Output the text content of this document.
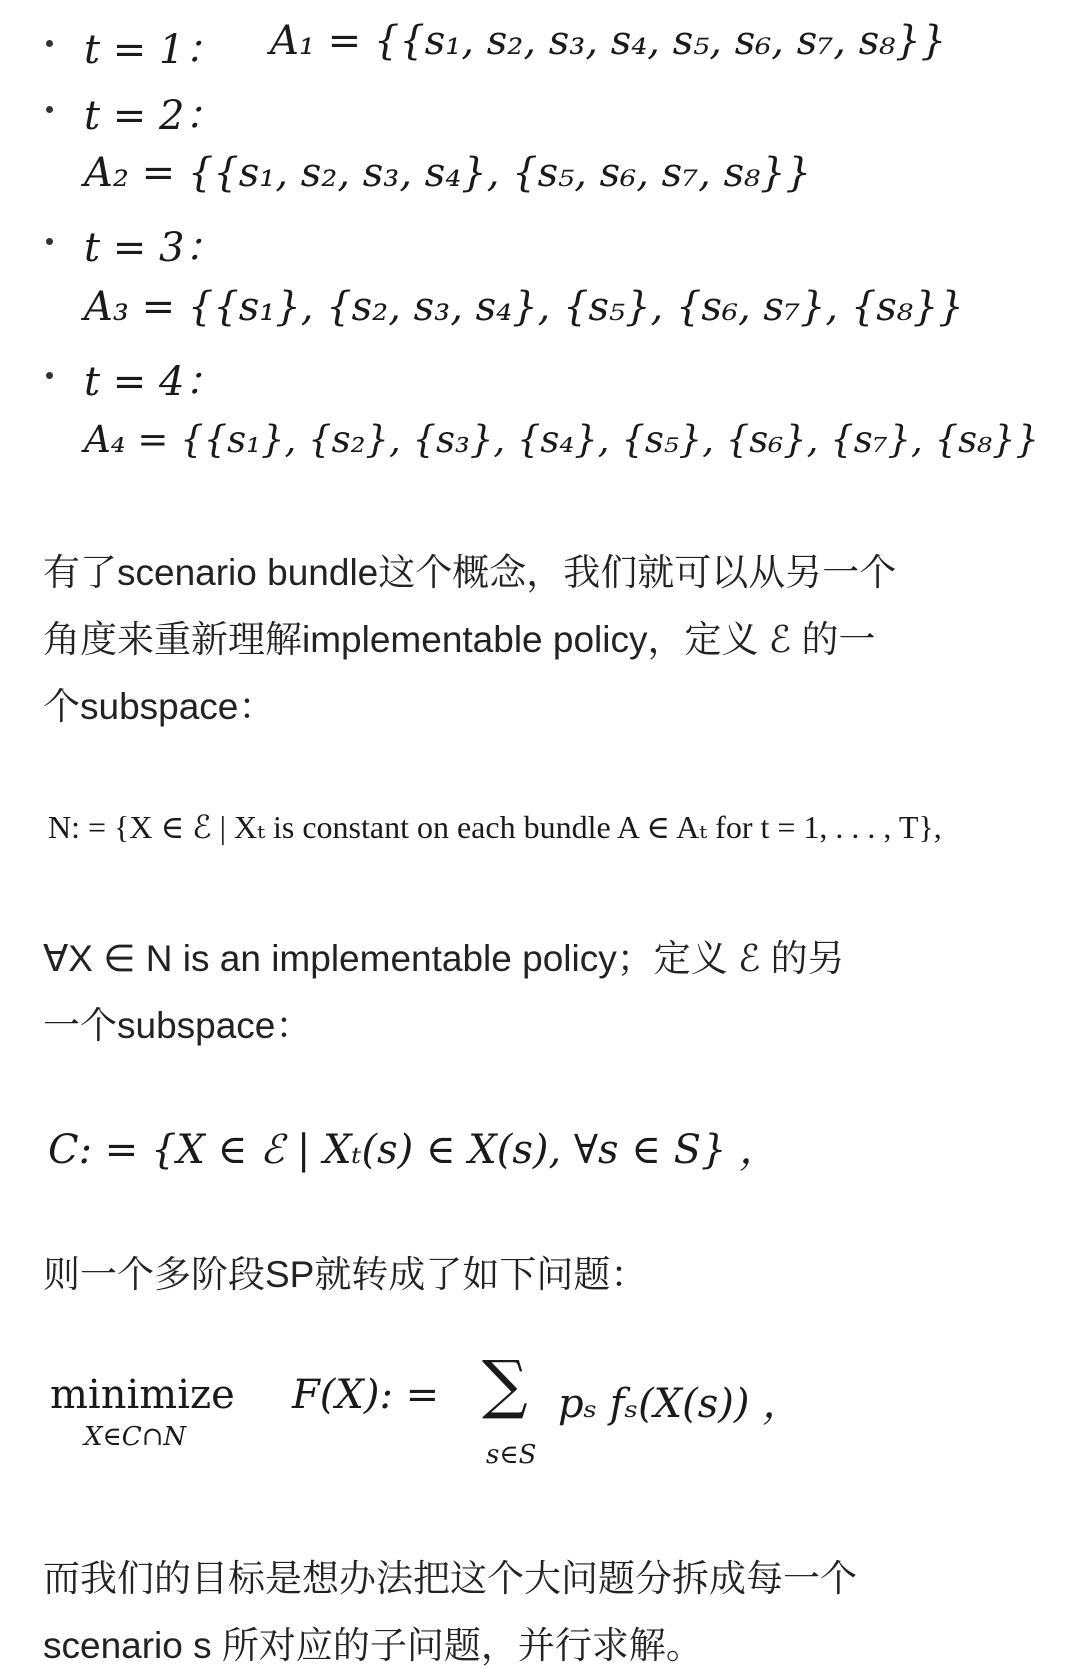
t = 1： A₁ = {{s₁, s₂, s₃, s₄, s₅, s₆, s₇, s₈}}
t = 2：
A₂ = {{s₁, s₂, s₃, s₄}, {s₅, s₆, s₇, s₈}}
t = 3：
A₃ = {{s₁}, {s₂, s₃, s₄}, {s₅}, {s₆, s₇}, {s₈}}
t = 4：
A₄ = {{s₁}, {s₂}, {s₃}, {s₄}, {s₅}, {s₆}, {s₇}, {s₈}}
有了scenario bundle这个概念，我们就可以从另一个
角度来重新理解implementable policy，定义 ℰ 的一
个subspace：
N: = {X ∈ ℰ | Xₜ is constant on each bundle A ∈ Aₜ for t = 1, . . . , T},
∀X ∈ N is an implementable policy；定义 ℰ 的另
一个subspace：
C: = {X ∈ ℰ | Xₜ(s) ∈ X(s), ∀s ∈ S} ，
则一个多阶段SP就转成了如下问题：
minimize
X∈C∩N
F(X): = ∑
s∈S
pₛ fₛ(X(s)) ，
而我们的目标是想办法把这个大问题分拆成每一个
scenario s 所对应的子问题，并行求解。
